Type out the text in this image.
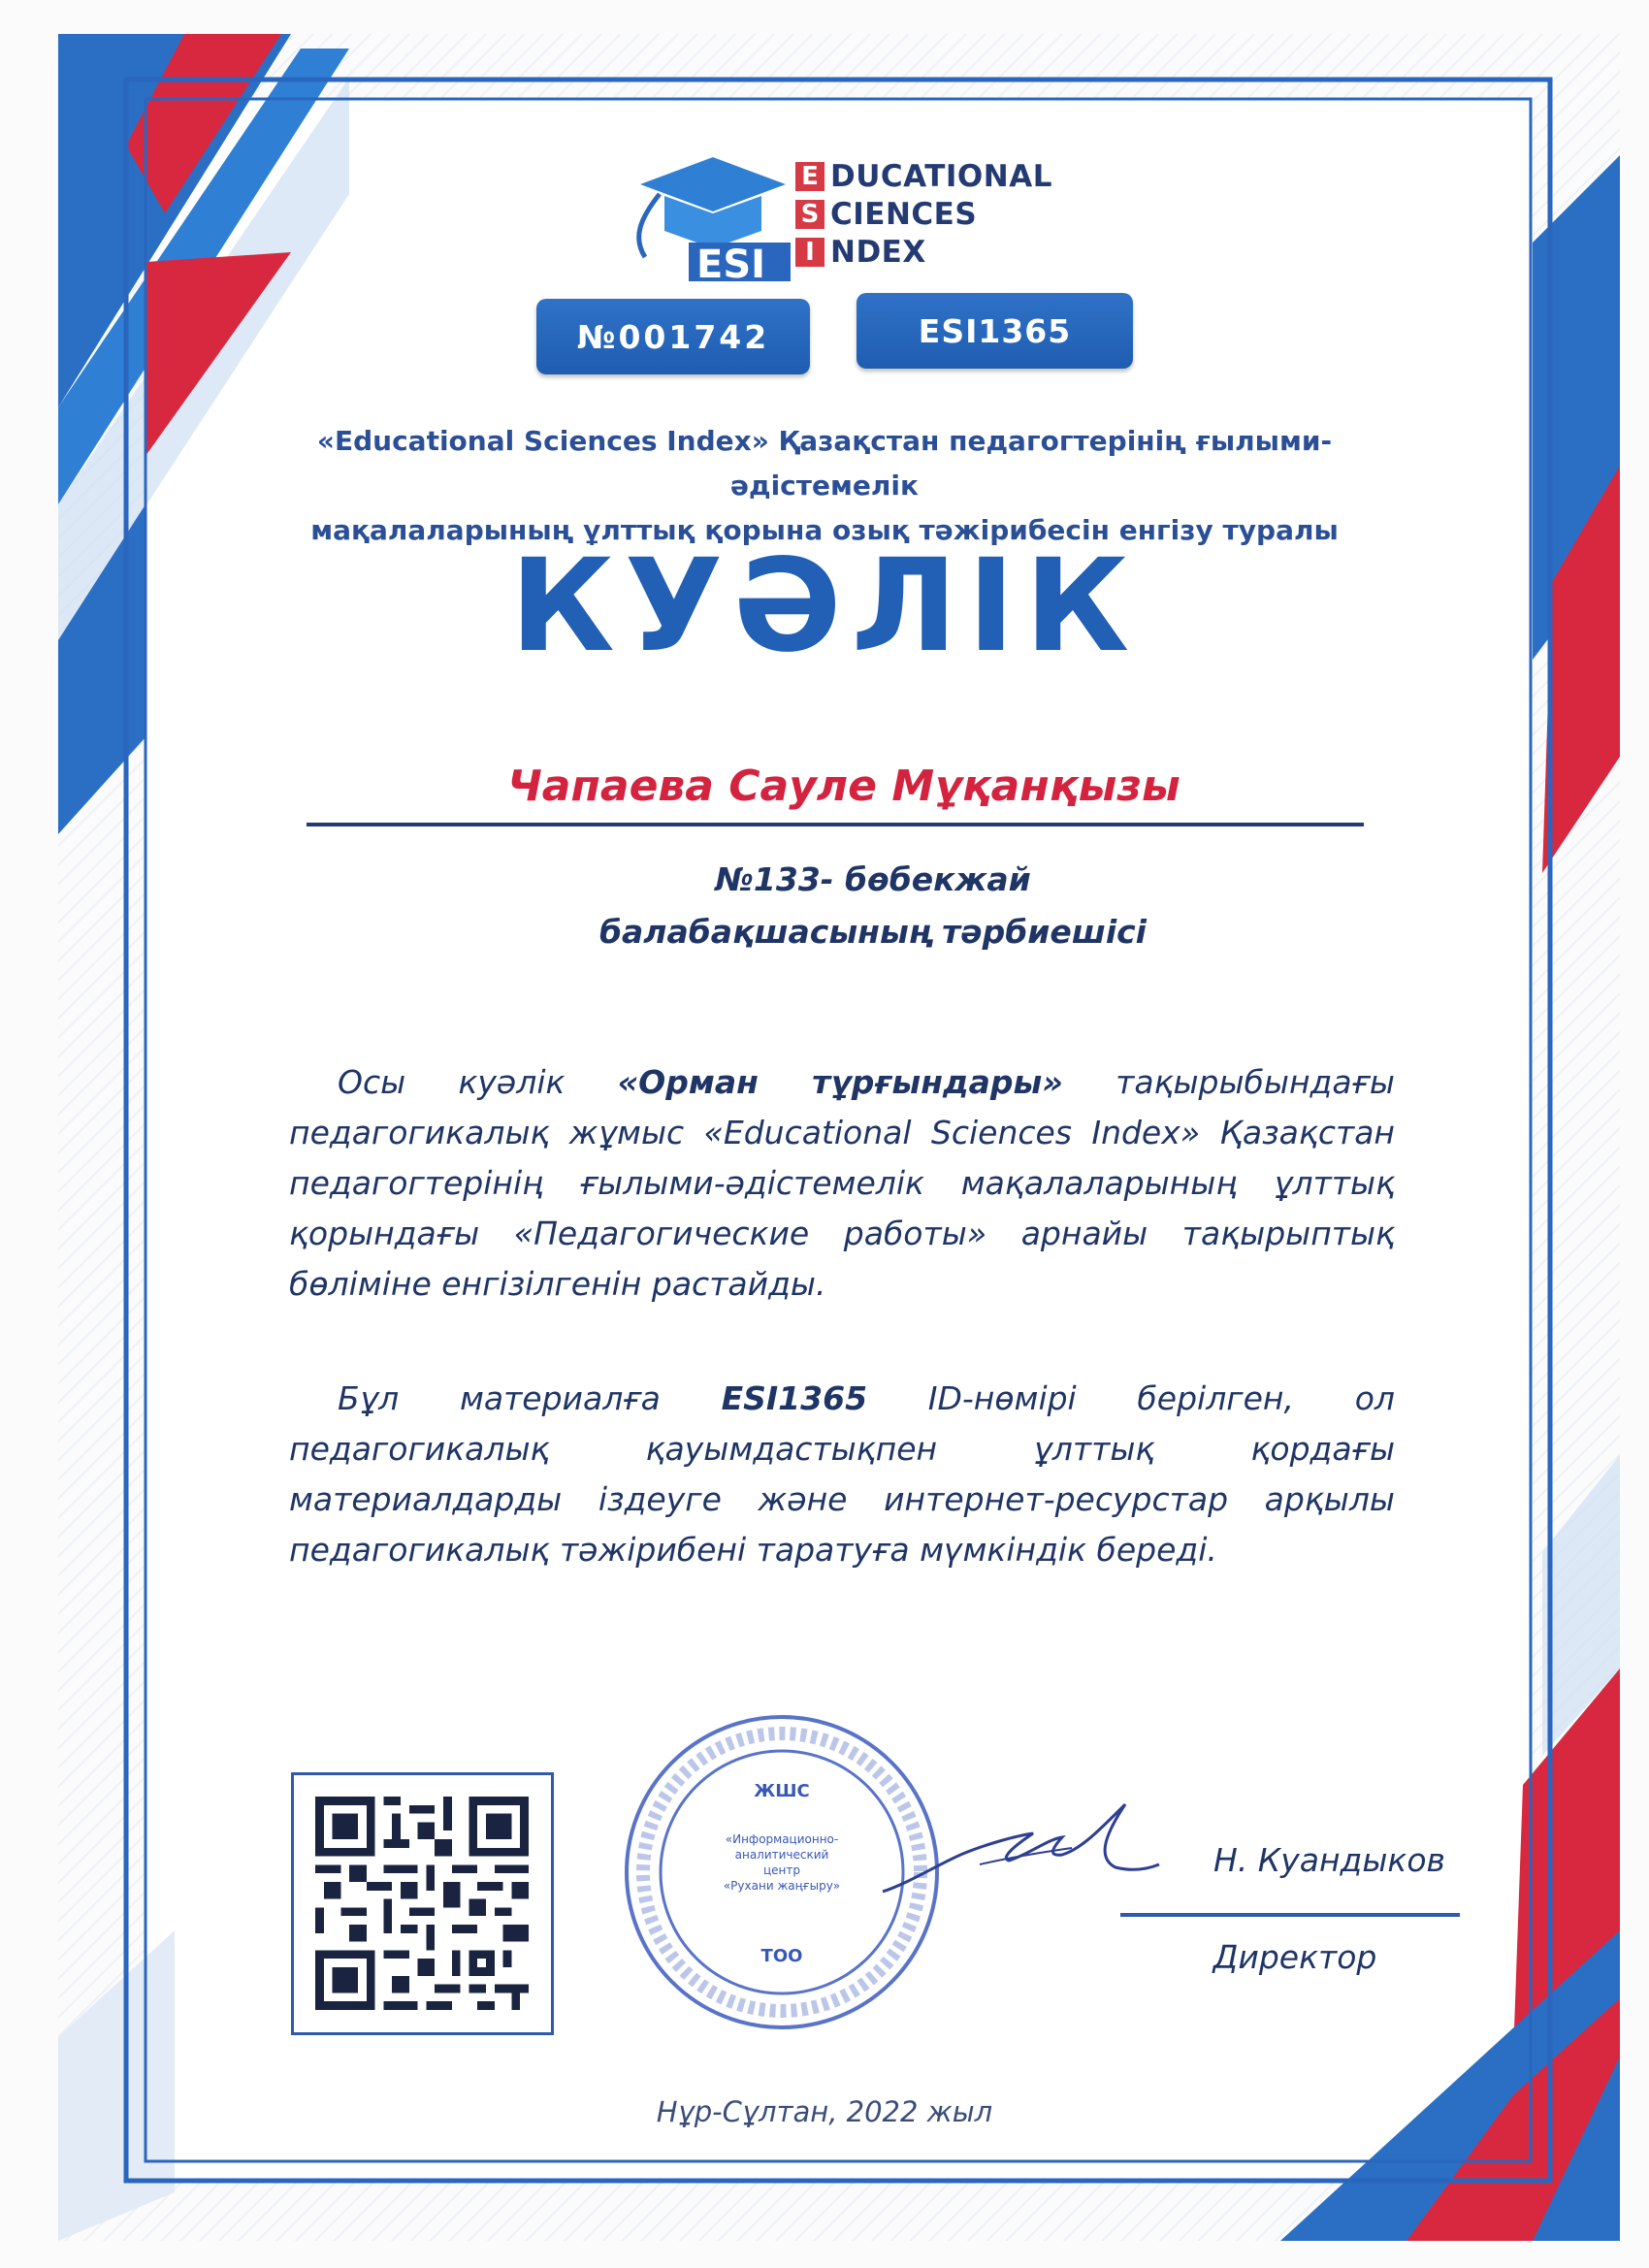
ESI
E DUCATIONAL
S CIENCES
I NDEX
№001742	ESI1365
«Educational Sciences Index» Қазақстан педагогтерінің ғылыми-әдістемелік
мақалаларының ұлттық қорына озық тәжірибесін енгізу туралы
КУӘЛІК
Чапаева Сауле Мұқанқызы
№133- бөбекжай
балабақшасының тәрбиешісі
Осы куәлік «Орман тұрғындары» тақырыбындағы педагогикалық жұмыс «Educational Sciences Index» Қазақстан педагогтерінің ғылыми-әдістемелік мақалаларының ұлттық қорындағы «Педагогические работы» арнайы тақырыптық бөліміне енгізілгенін растайды.
Бұл материалға ESI1365 ID-нөмірі берілген, ол педагогикалық қауымдастықпен ұлттық қордағы материалдарды іздеуге және интернет-ресурстар арқылы педагогикалық тәжірибені таратуға мүмкіндік береді.
ЖШС
«Информационно-аналитический
центр
«Рухани жаңғыру»
ТОО
Н. Куандыков
Директор
Нұр-Сұлтан, 2022 жыл
